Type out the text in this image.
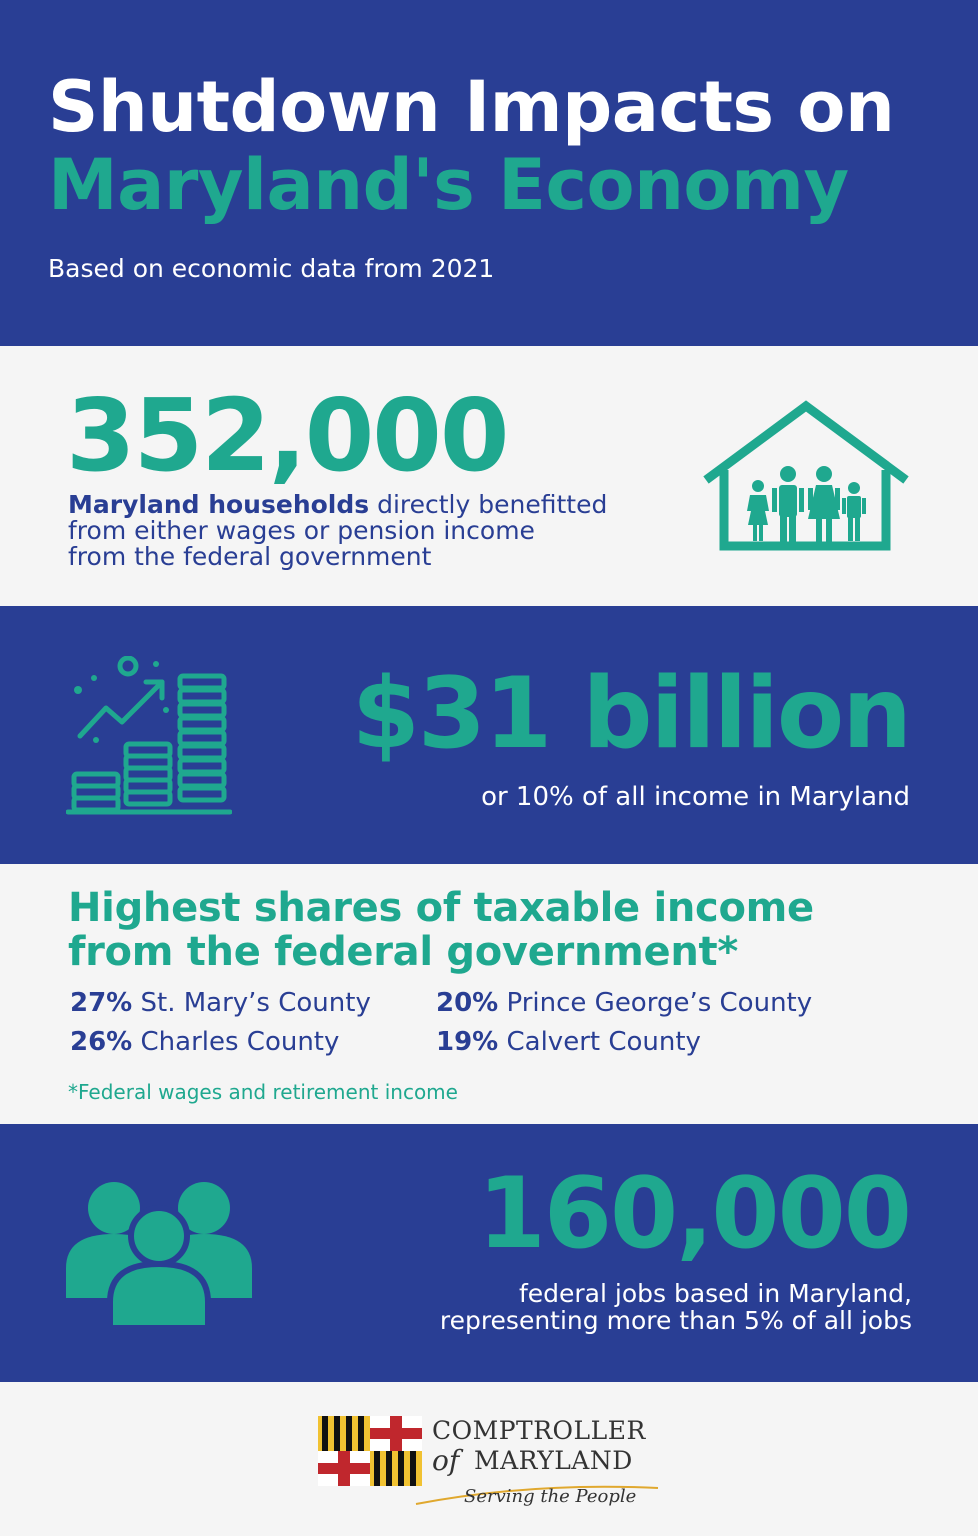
Shutdown Impacts on
Maryland's Economy
Based on economic data from 2021
352,000
Maryland households directly benefitted
from either wages or pension income
from the federal government
$31 billion
or 10% of all income in Maryland
Highest shares of taxable income
from the federal government*
27% St. Mary’s County	20% Prince George’s County
26% Charles County	19% Calvert County
*Federal wages and retirement income
160,000
federal jobs based in Maryland,
representing more than 5% of all jobs
COMPTROLLER
of MARYLAND
Serving the People
